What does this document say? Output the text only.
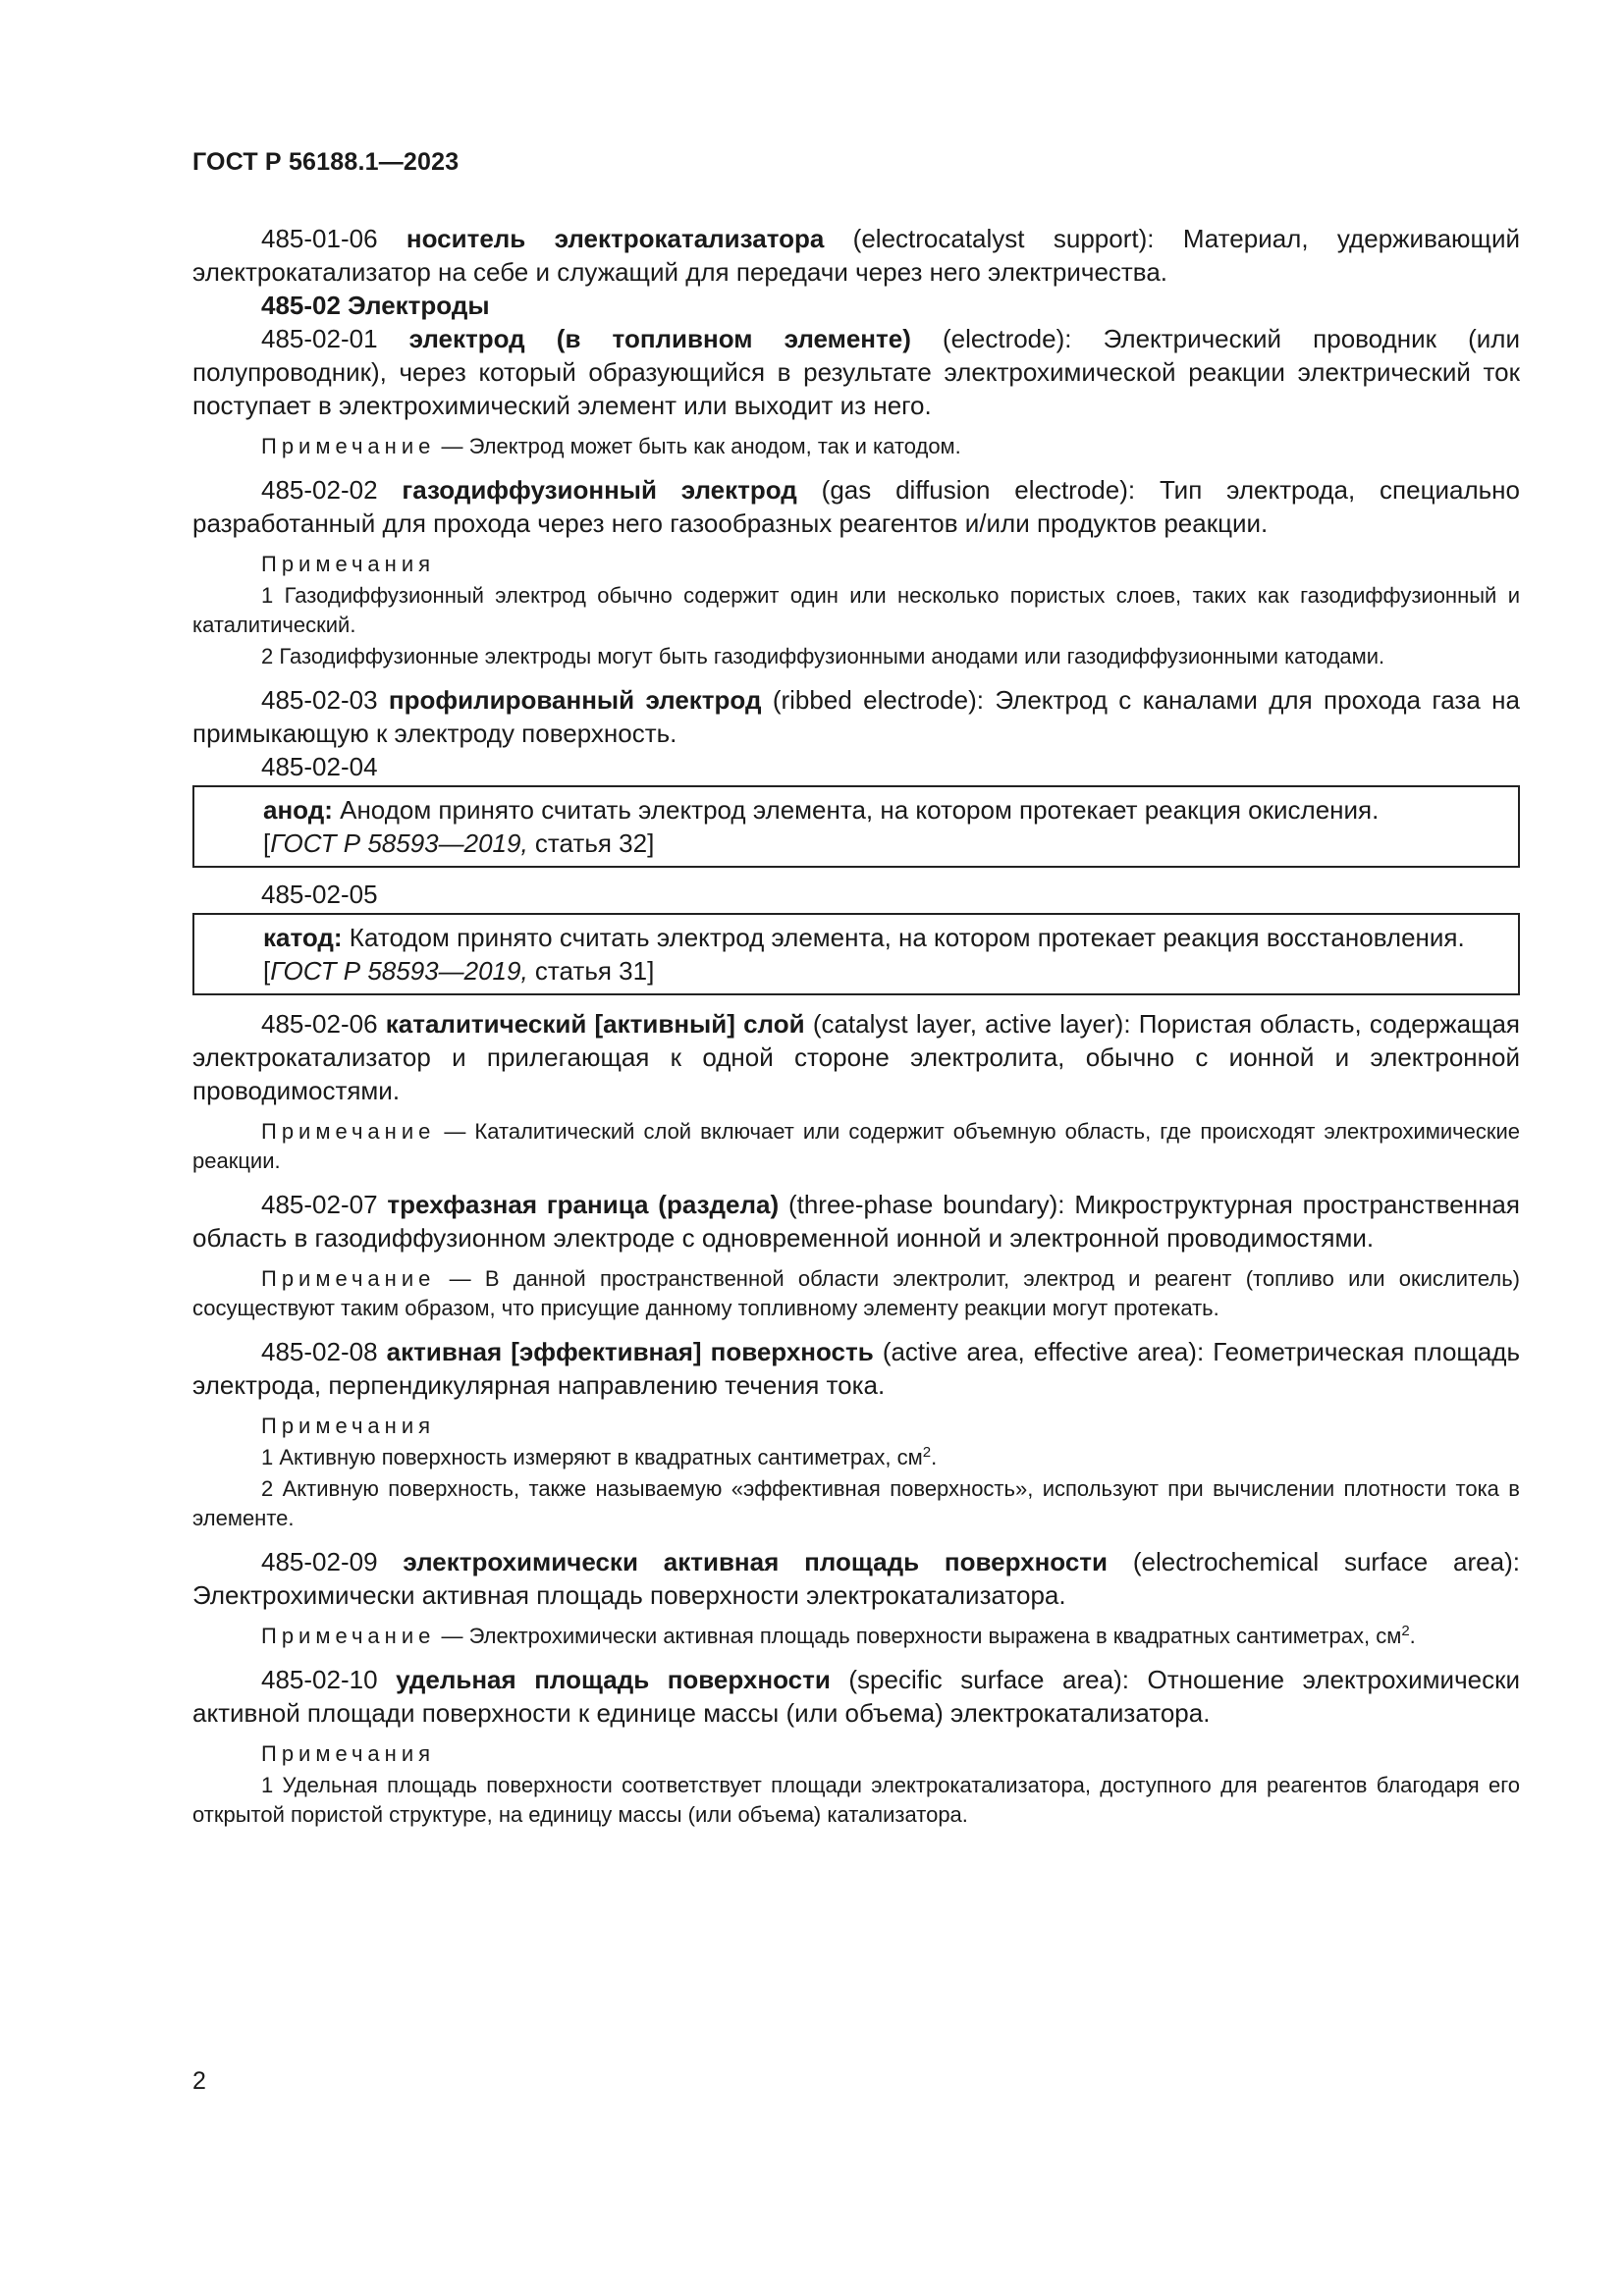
ГОСТ Р 56188.1—2023

485-01-06 носитель электрокатализатора (electrocatalyst support): Материал, удерживающий электрокатализатор на себе и служащий для передачи через него электричества.

485-02 Электроды

485-02-01 электрод (в топливном элементе) (electrode): Электрический проводник (или полупроводник), через который образующийся в результате электрохимической реакции электрический ток поступает в электрохимический элемент или выходит из него.

Примечание — Электрод может быть как анодом, так и катодом.

485-02-02 газодиффузионный электрод (gas diffusion electrode): Тип электрода, специально разработанный для прохода через него газообразных реагентов и/или продуктов реакции.

Примечания

1 Газодиффузионный электрод обычно содержит один или несколько пористых слоев, таких как газодиффузионный и каталитический.

2 Газодиффузионные электроды могут быть газодиффузионными анодами или газодиффузионными катодами.

485-02-03 профилированный электрод (ribbed electrode): Электрод с каналами для прохода газа на примыкающую к электроду поверхность.

485-02-04

анод: Анодом принято считать электрод элемента, на котором протекает реакция окисления.

[ГОСТ Р 58593—2019, статья 32]

485-02-05

катод: Катодом принято считать электрод элемента, на котором протекает реакция восстановления.

[ГОСТ Р 58593—2019, статья 31]

485-02-06 каталитический [активный] слой (catalyst layer, active layer): Пористая область, содержащая электрокатализатор и прилегающая к одной стороне электролита, обычно с ионной и электронной проводимостями.

Примечание — Каталитический слой включает или содержит объемную область, где происходят электрохимические реакции.

485-02-07 трехфазная граница (раздела) (three-phase boundary): Микроструктурная пространственная область в газодиффузионном электроде с одновременной ионной и электронной проводимостями.

Примечание — В данной пространственной области электролит, электрод и реагент (топливо или окислитель) сосуществуют таким образом, что присущие данному топливному элементу реакции могут протекать.

485-02-08 активная [эффективная] поверхность (active area, effective area): Геометрическая площадь электрода, перпендикулярная направлению течения тока.

Примечания

1 Активную поверхность измеряют в квадратных сантиметрах, $см^2$.

2 Активную поверхность, также называемую «эффективная поверхность», используют при вычислении плотности тока в элементе.

485-02-09 электрохимически активная площадь поверхности (electrochemical surface area): Электрохимически активная площадь поверхности электрокатализатора.

Примечание — Электрохимически активная площадь поверхности выражена в квадратных сантиметрах, $см^2$.

485-02-10 удельная площадь поверхности (specific surface area): Отношение электрохимически активной площади поверхности к единице массы (или объема) электрокатализатора.

Примечания

1 Удельная площадь поверхности соответствует площади электрокатализатора, доступного для реагентов благодаря его открытой пористой структуре, на единицу массы (или объема) катализатора.

2
